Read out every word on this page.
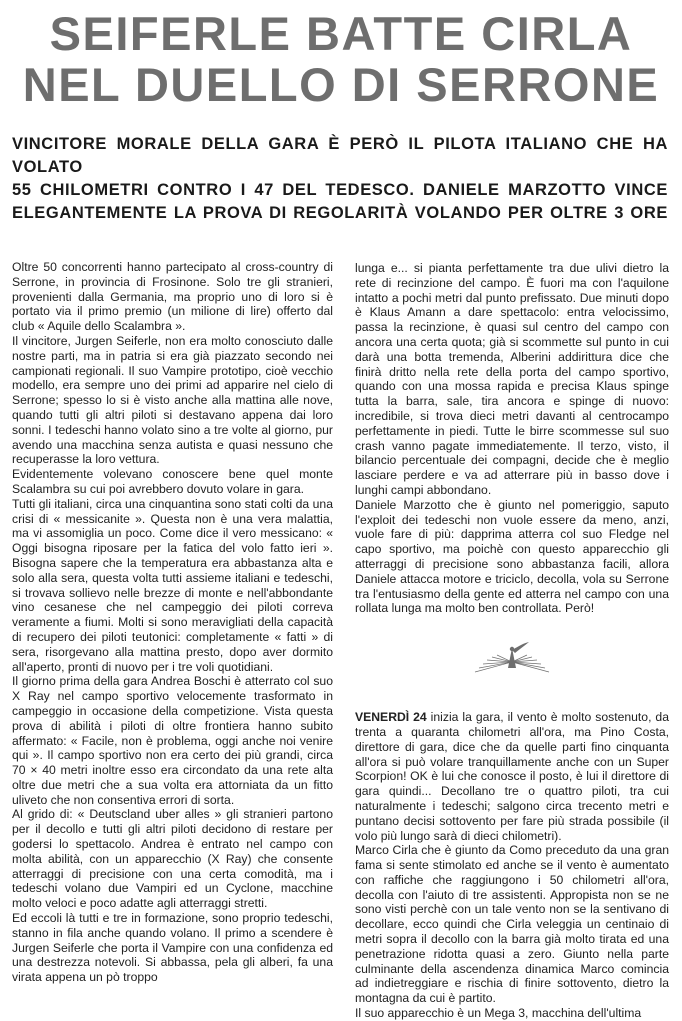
SEIFERLE BATTE CIRLA
NEL DUELLO DI SERRONE
VINCITORE MORALE DELLA GARA È PERÒ IL PILOTA ITALIANO CHE HA VOLATO
55 CHILOMETRI CONTRO I 47 DEL TEDESCO. DANIELE MARZOTTO VINCE
ELEGANTEMENTE LA PROVA DI REGOLARITÀ VOLANDO PER OLTRE 3 ORE

Oltre 50 concorrenti hanno partecipato al cross-country di Serrone, in provincia di Frosinone. Solo tre gli stranieri, provenienti dalla Germania, ma proprio uno di loro si è portato via il primo premio (un milione di lire) offerto dal club « Aquile dello Scalambra ».

Il vincitore, Jurgen Seiferle, non era molto conosciuto dalle nostre parti, ma in patria si era già piazzato secondo nei campionati regionali. Il suo Vampire prototipo, cioè vecchio modello, era sempre uno dei primi ad apparire nel cielo di Serrone; spesso lo si è visto anche alla mattina alle nove, quando tutti gli altri piloti si destavano appena dai loro sonni. I tedeschi hanno volato sino a tre volte al giorno, pur avendo una macchina senza autista e quasi nessuno che recuperasse la loro vettura.

Evidentemente volevano conoscere bene quel monte Scalambra su cui poi avrebbero dovuto volare in gara.

Tutti gli italiani, circa una cinquantina sono stati colti da una crisi di « messicanite ». Questa non è una vera malattia, ma vi assomiglia un poco. Come dice il vero messicano: « Oggi bisogna riposare per la fatica del volo fatto ieri ». Bisogna sapere che la temperatura era abbastanza alta e solo alla sera, questa volta tutti assieme italiani e tedeschi, si trovava sollievo nelle brezze di monte e nell'abbondante vino cesanese che nel campeggio dei piloti correva veramente a fiumi. Molti si sono meravigliati della capacità di recupero dei piloti teutonici: completamente « fatti » di sera, risorgevano alla mattina presto, dopo aver dormito all'aperto, pronti di nuovo per i tre voli quotidiani.

Il giorno prima della gara Andrea Boschi è atterrato col suo X Ray nel campo sportivo velocemente trasformato in campeggio in occasione della competizione. Vista questa prova di abilità i piloti di oltre frontiera hanno subito affermato: « Facile, non è problema, oggi anche noi venire qui ». Il campo sportivo non era certo dei più grandi, circa 70 × 40 metri inoltre esso era circondato da una rete alta oltre due metri che a sua volta era attorniata da un fitto uliveto che non consentiva errori di sorta.

Al grido di: « Deutscland uber alles » gli stranieri partono per il decollo e tutti gli altri piloti decidono di restare per godersi lo spettacolo. Andrea è entrato nel campo con molta abilità, con un apparecchio (X Ray) che consente atterraggi di precisione con una certa comodità, ma i tedeschi volano due Vampiri ed un Cyclone, macchine molto veloci e poco adatte agli atterraggi stretti.

Ed eccoli là tutti e tre in formazione, sono proprio tedeschi, stanno in fila anche quando volano. Il primo a scendere è Jurgen Seiferle che porta il Vampire con una confidenza ed una destrezza notevoli. Si abbassa, pela gli alberi, fa una virata appena un pò troppo

lunga e... si pianta perfettamente tra due ulivi dietro la rete di recinzione del campo. È fuori ma con l'aquilone intatto a pochi metri dal punto prefissato. Due minuti dopo è Klaus Amann a dare spettacolo: entra velocissimo, passa la recinzione, è quasi sul centro del campo con ancora una certa quota; già si scommette sul punto in cui darà una botta tremenda, Alberini addirittura dice che finirà dritto nella rete della porta del campo sportivo, quando con una mossa rapida e precisa Klaus spinge tutta la barra, sale, tira ancora e spinge di nuovo: incredibile, si trova dieci metri davanti al centrocampo perfettamente in piedi. Tutte le birre scommesse sul suo crash vanno pagate immediatemente. Il terzo, visto, il bilancio percentuale dei compagni, decide che è meglio lasciare perdere e va ad atterrare più in basso dove i lunghi campi abbondano.

Daniele Marzotto che è giunto nel pomeriggio, saputo l'exploit dei tedeschi non vuole essere da meno, anzi, vuole fare di più: dapprima atterra col suo Fledge nel capo sportivo, ma poichè con questo apparecchio gli atterraggi di precisione sono abbastanza facili, allora Daniele attacca motore e triciclo, decolla, vola su Serrone tra l'entusiasmo della gente ed atterra nel campo con una rollata lunga ma molto ben controllata. Però!

VENERDÌ 24 inizia la gara, il vento è molto sostenuto, da trenta a quaranta chilometri all'ora, ma Pino Costa, direttore di gara, dice che da quelle parti fino cinquanta all'ora si può volare tranquillamente anche con un Super Scorpion! OK è lui che conosce il posto, è lui il direttore di gara quindi... Decollano tre o quattro piloti, tra cui naturalmente i tedeschi; salgono circa trecento metri e puntano decisi sottovento per fare più strada possibile (il volo più lungo sarà di dieci chilometri).

Marco Cirla che è giunto da Como preceduto da una gran fama si sente stimolato ed anche se il vento è aumentato con raffiche che raggiungono i 50 chilometri all'ora, decolla con l'aiuto di tre assistenti. Appropista non se ne sono visti perchè con un tale vento non se la sentivano di decollare, ecco quindi che Cirla veleggia un centinaio di metri sopra il decollo con la barra già molto tirata ed una penetrazione ridotta quasi a zero. Giunto nella parte culminante della ascendenza dinamica Marco comincia ad indietreggiare e rischia di finire sottovento, dietro la montagna da cui è partito.

Il suo apparecchio è un Mega 3, macchina dell'ultima
